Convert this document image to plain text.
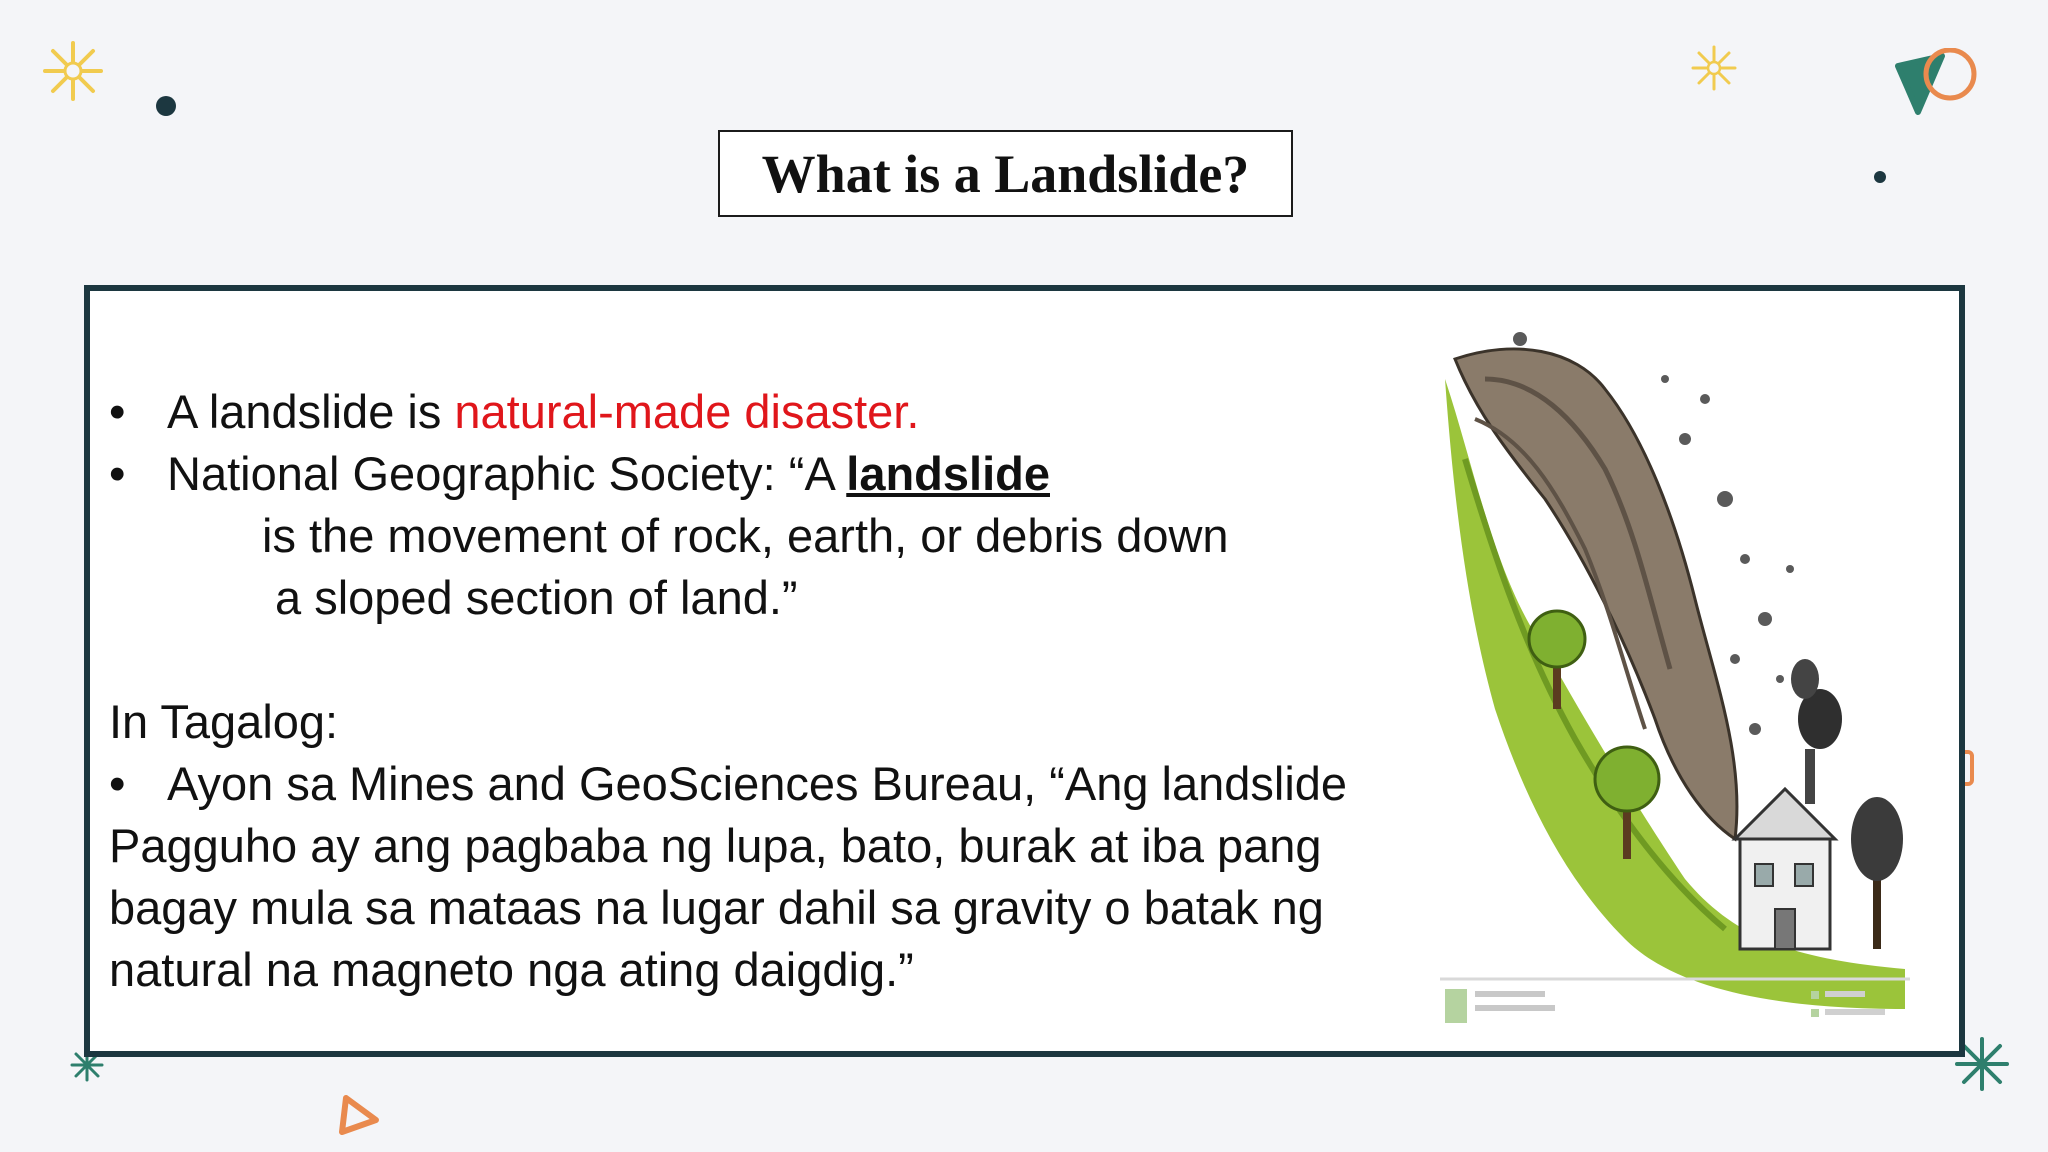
What is a Landslide?
• A landslide is natural-made disaster.
• National Geographic Society: “A landslide
is the movement of rock, earth, or debris down
a sloped section of land.”
In Tagalog:
• Ayon sa Mines and GeoSciences Bureau, “Ang landslide
Pagguho ay ang pagbaba ng lupa, bato, burak at iba pang
bagay mula sa mataas na lugar dahil sa gravity o batak ng
natural na magneto nga ating daigdig.”
